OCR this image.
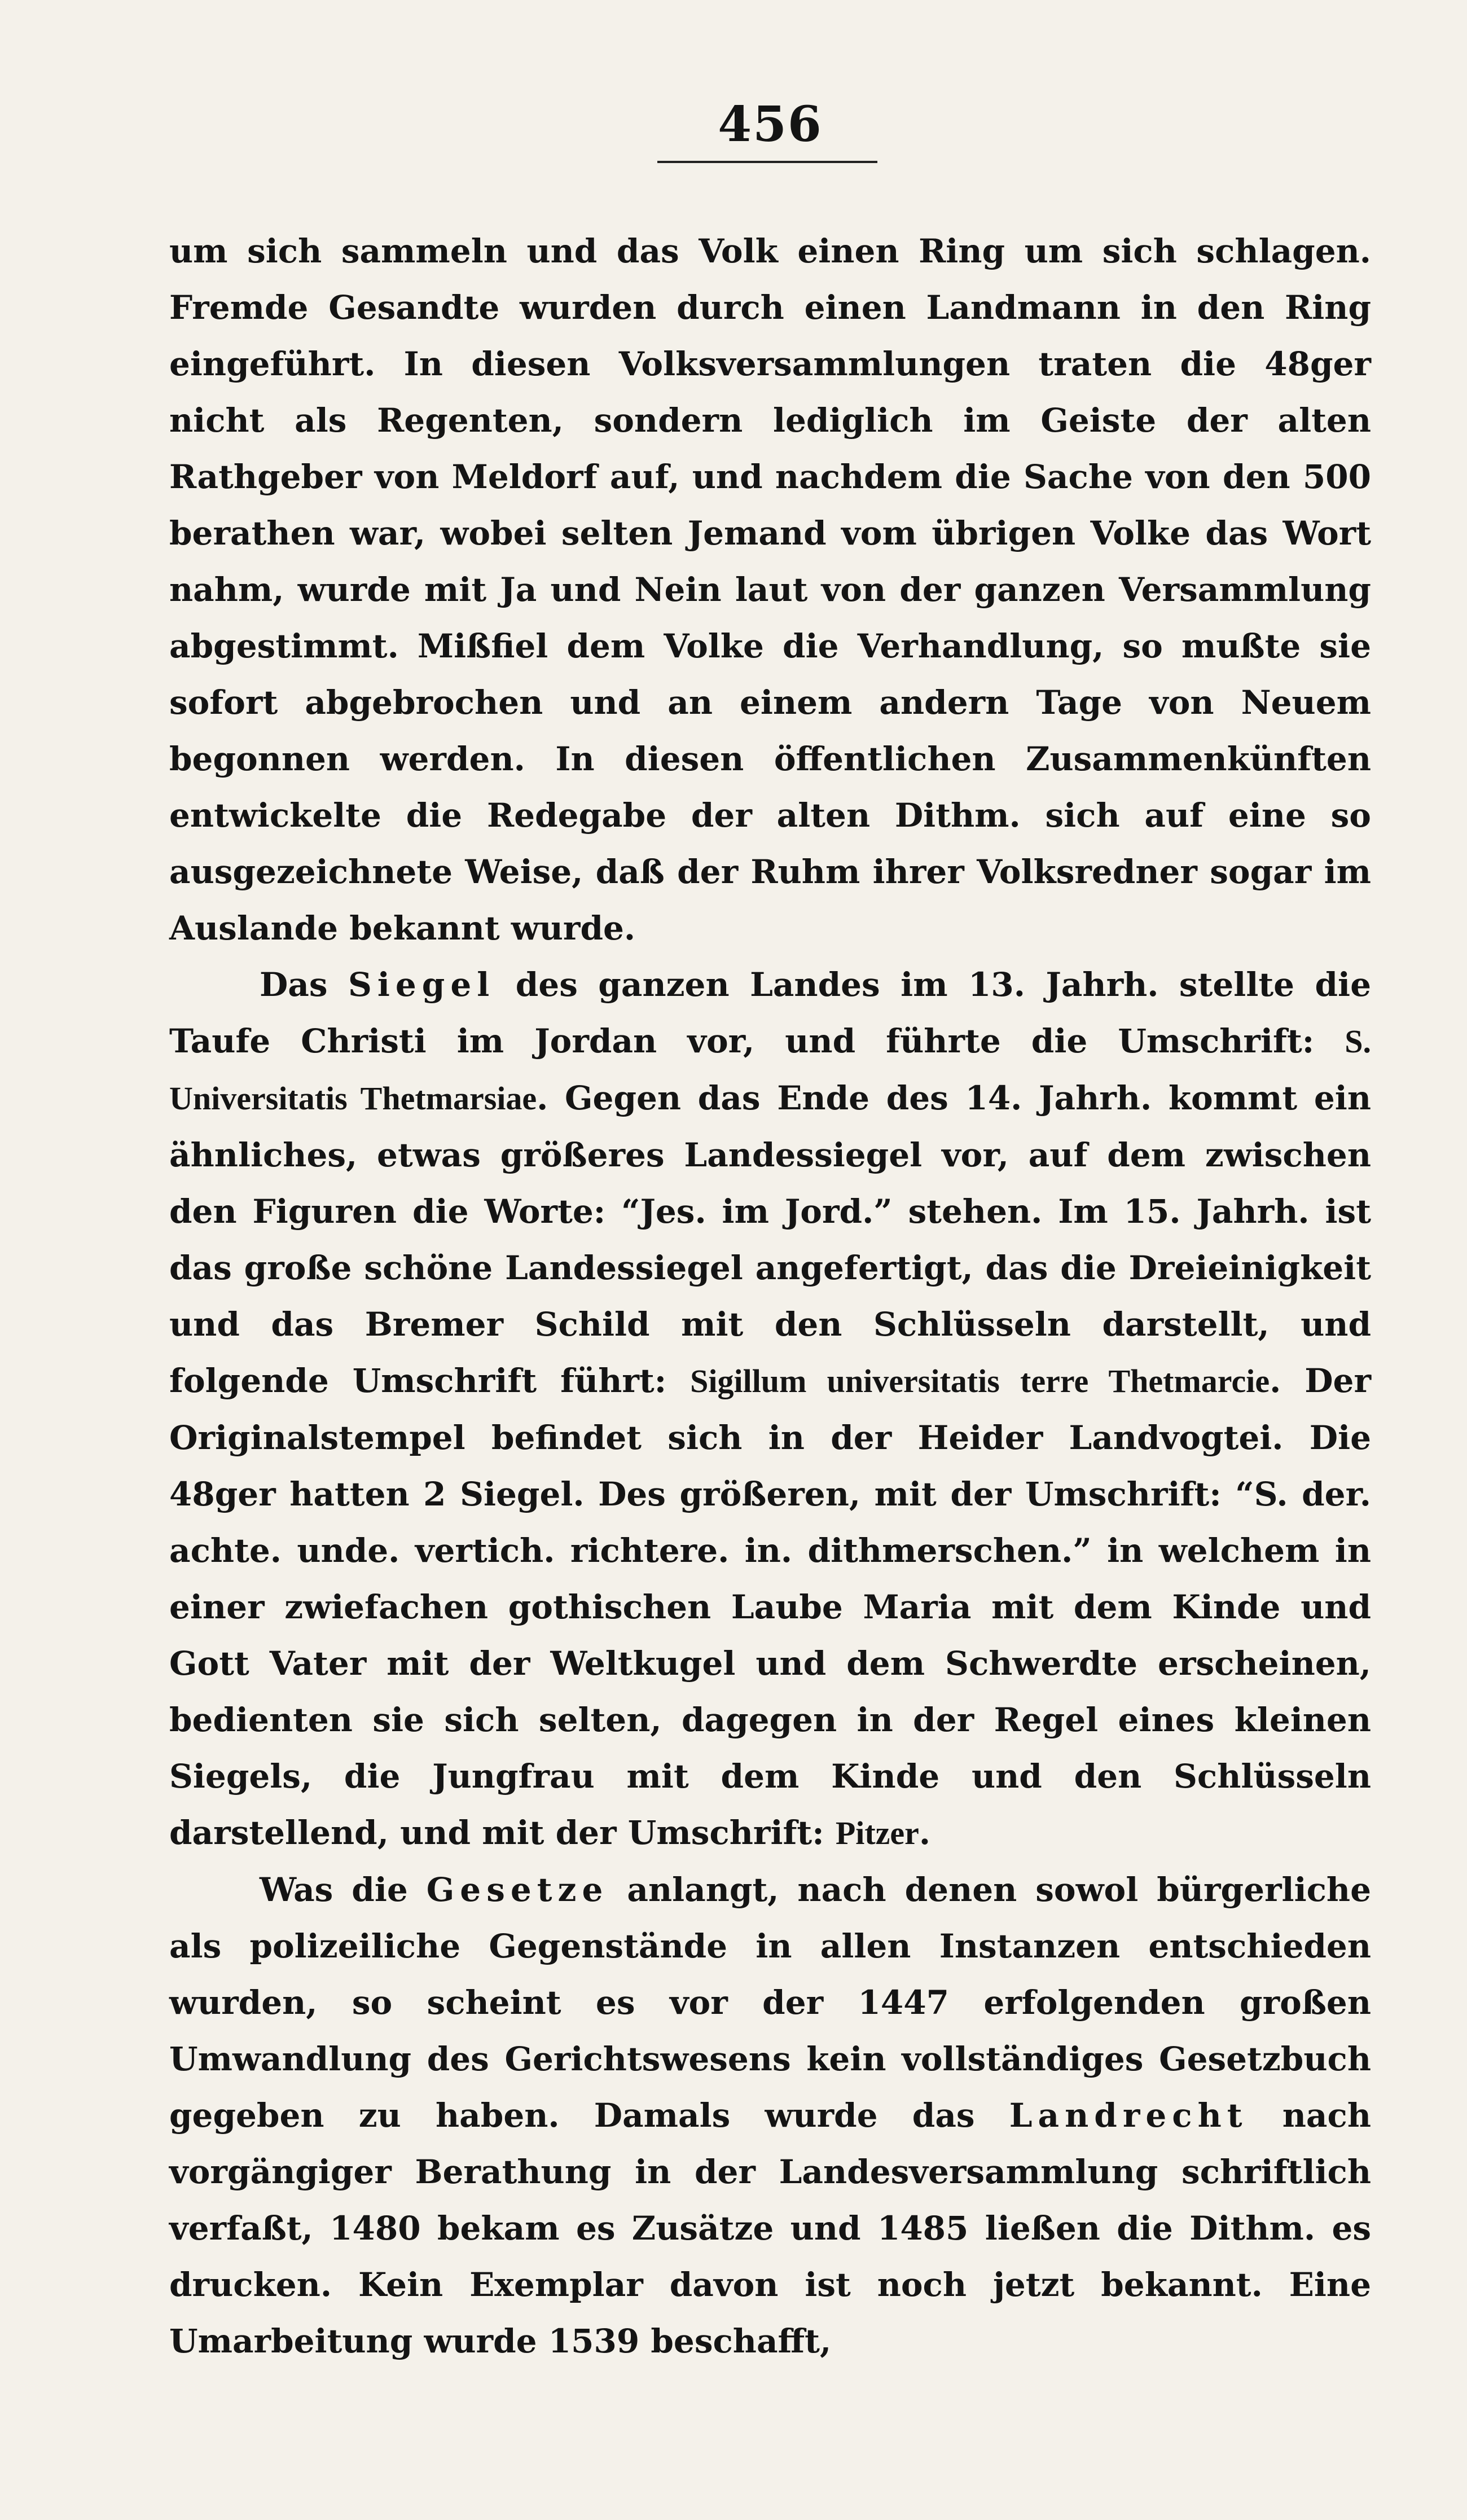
456

um sich sammeln und das Volk einen Ring um sich schlagen. Fremde Gesandte wurden durch einen Landmann in den Ring eingeführt. In diesen Volksversammlungen traten die 48ger nicht als Regenten, sondern lediglich im Geiste der alten Rathgeber von Meldorf auf, und nachdem die Sache von den 500 berathen war, wobei selten Jemand vom übrigen Volke das Wort nahm, wurde mit Ja und Nein laut von der ganzen Versammlung abgestimmt. Mißfiel dem Volke die Verhandlung, so mußte sie sofort abgebrochen und an einem andern Tage von Neuem begonnen werden. In diesen öffentlichen Zusammenkünften entwickelte die Redegabe der alten Dithm. sich auf eine so ausgezeichnete Weise, daß der Ruhm ihrer Volksredner sogar im Auslande bekannt wurde.

Das Siegel des ganzen Landes im 13. Jahrh. stellte die Taufe Christi im Jordan vor, und führte die Umschrift: S. Universitatis Thetmarsiae. Gegen das Ende des 14. Jahrh. kommt ein ähnliches, etwas größeres Landessiegel vor, auf dem zwischen den Figuren die Worte: “Jes. im Jord.” stehen. Im 15. Jahrh. ist das große schöne Landessiegel angefertigt, das die Dreieinigkeit und das Bremer Schild mit den Schlüsseln darstellt, und folgende Umschrift führt: Sigillum universitatis terre Thetmarcie. Der Originalstempel befindet sich in der Heider Landvogtei. Die 48ger hatten 2 Siegel. Des größeren, mit der Umschrift: “S. der. achte. unde. vertich. richtere. in. dithmerschen.” in welchem in einer zwiefachen gothischen Laube Maria mit dem Kinde und Gott Vater mit der Weltkugel und dem Schwerdte erscheinen, bedienten sie sich selten, dagegen in der Regel eines kleinen Siegels, die Jungfrau mit dem Kinde und den Schlüsseln darstellend, und mit der Umschrift: Pitzer.

Was die Gesetze anlangt, nach denen sowol bürgerliche als polizeiliche Gegenstände in allen Instanzen entschieden wurden, so scheint es vor der 1447 erfolgenden großen Umwandlung des Gerichtswesens kein vollständiges Gesetzbuch gegeben zu haben. Damals wurde das Landrecht nach vorgängiger Berathung in der Landesversammlung schriftlich verfaßt, 1480 bekam es Zusätze und 1485 ließen die Dithm. es drucken. Kein Exemplar davon ist noch jetzt bekannt. Eine Umarbeitung wurde 1539 beschafft,
